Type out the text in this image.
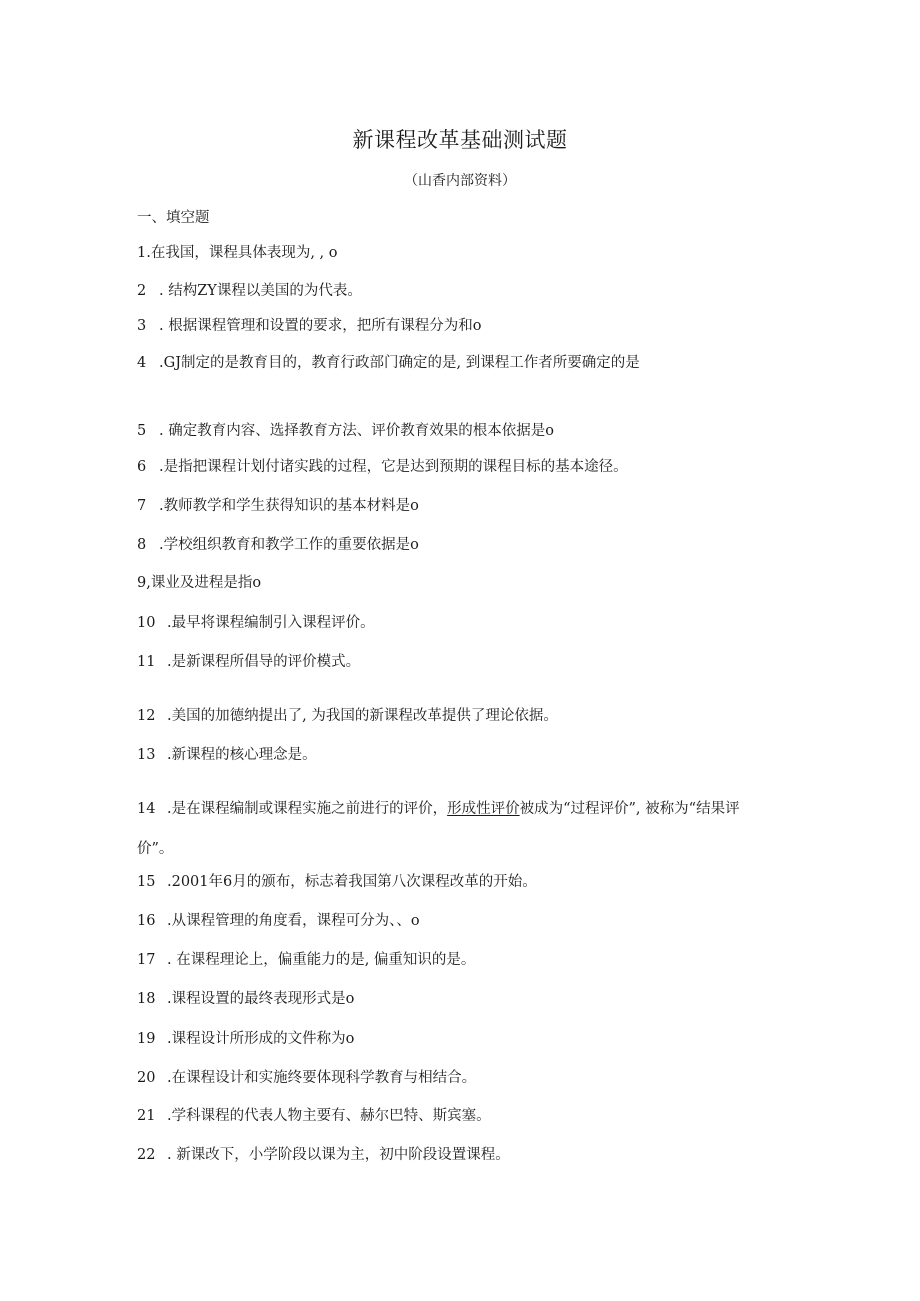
新课程改革基础测试题
（山香内部资料）
一、填空题
1.在我国，课程具体表现为, , o
2 . 结构ZY课程以美国的为代表。
3 . 根据课程管理和设置的要求，把所有课程分为和o
4 .GJ制定的是教育目的，教育行政部门确定的是, 到课程工作者所要确定的是
5 . 确定教育内容、选择教育方法、评价教育效果的根本依据是o
6 .是指把课程计划付诸实践的过程，它是达到预期的课程目标的基本途径。
7 .教师教学和学生获得知识的基本材料是o
8 .学校组织教育和教学工作的重要依据是o
9,课业及进程是指o
10 .最早将课程编制引入课程评价。
11 .是新课程所倡导的评价模式。
12 .美国的加德纳提出了, 为我国的新课程改革提供了理论依据。
13 .新课程的核心理念是。
14 .是在课程编制或课程实施之前进行的评价，形成性评价被成为“过程评价”, 被称为“结果评价”。
15 .2001年6月的颁布，标志着我国第八次课程改革的开始。
16 .从课程管理的角度看，课程可分为、、o
17 . 在课程理论上，偏重能力的是, 偏重知识的是。
18 .课程设置的最终表现形式是o
19 .课程设计所形成的文件称为o
20 .在课程设计和实施终要体现科学教育与相结合。
21 .学科课程的代表人物主要有、赫尔巴特、斯宾塞。
22 . 新课改下，小学阶段以课为主，初中阶段设置课程。
